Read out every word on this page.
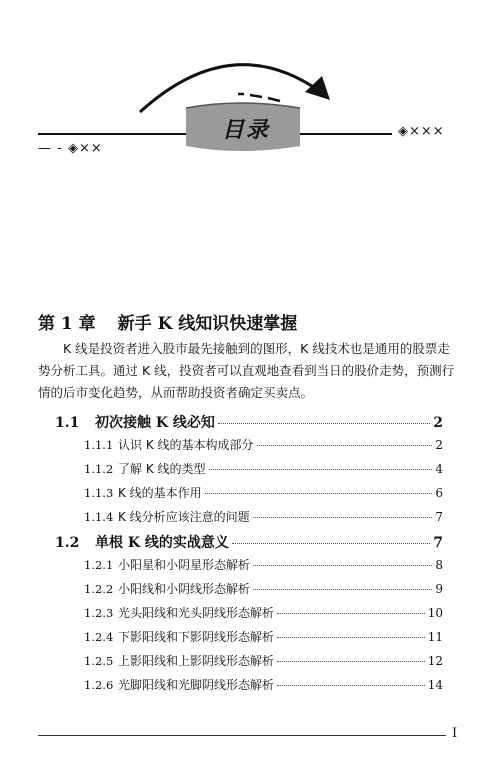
目录	◈×××
— - ◈××
第 1 章 新手 K 线知识快速掌握
K 线是投资者进入股市最先接触到的图形，K 线技术也是通用的股票走势分析工具。通过 K 线，投资者可以直观地查看到当日的股价走势，预测行情的后市变化趋势，从而帮助投资者确定买卖点。
1.1	初次接触 K 线必知	2
1.1.1 认识 K 线的基本构成部分	2
1.1.2 了解 K 线的类型	4
1.1.3 K 线的基本作用	6
1.1.4 K 线分析应该注意的问题	7
1.2	单根 K 线的实战意义	7
1.2.1 小阳星和小阴星形态解析	8
1.2.2 小阳线和小阴线形态解析	9
1.2.3 光头阳线和光头阴线形态解析	10
1.2.4 下影阳线和下影阴线形态解析	11
1.2.5 上影阳线和上影阴线形态解析	12
1.2.6 光脚阳线和光脚阴线形态解析	14
I
